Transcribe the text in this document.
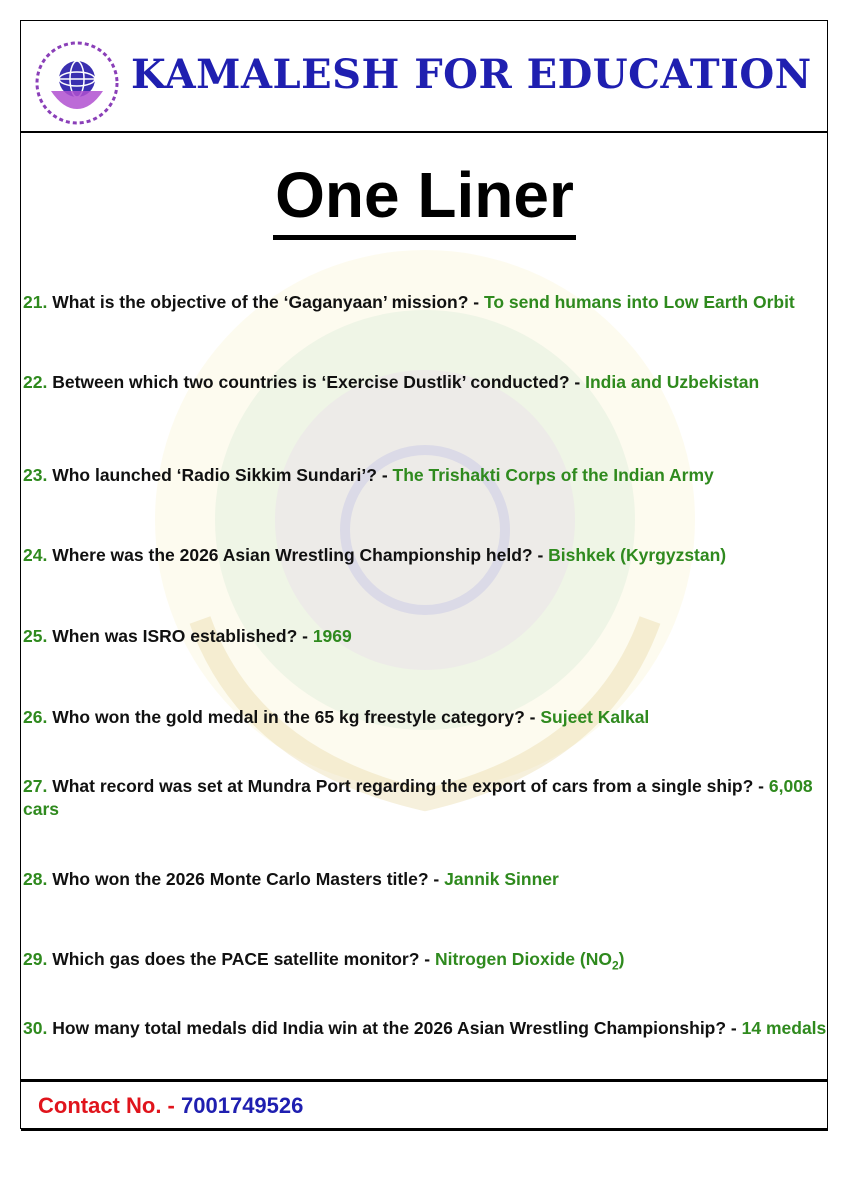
KAMALESH FOR EDUCATION
One Liner
21. What is the objective of the ‘Gaganyaan’ mission? - To send humans into Low Earth Orbit
22. Between which two countries is ‘Exercise Dustlik’ conducted? - India and Uzbekistan
23. Who launched ‘Radio Sikkim Sundari’? - The Trishakti Corps of the Indian Army
24. Where was the 2026 Asian Wrestling Championship held? - Bishkek (Kyrgyzstan)
25. When was ISRO established? - 1969
26. Who won the gold medal in the 65 kg freestyle category? - Sujeet Kalkal
27. What record was set at Mundra Port regarding the export of cars from a single ship? - 6,008 cars
28. Who won the 2026 Monte Carlo Masters title? - Jannik Sinner
29. Which gas does the PACE satellite monitor? - Nitrogen Dioxide $(NO_2)$
30. How many total medals did India win at the 2026 Asian Wrestling Championship? - 14 medals
Contact No. - 7001749526
